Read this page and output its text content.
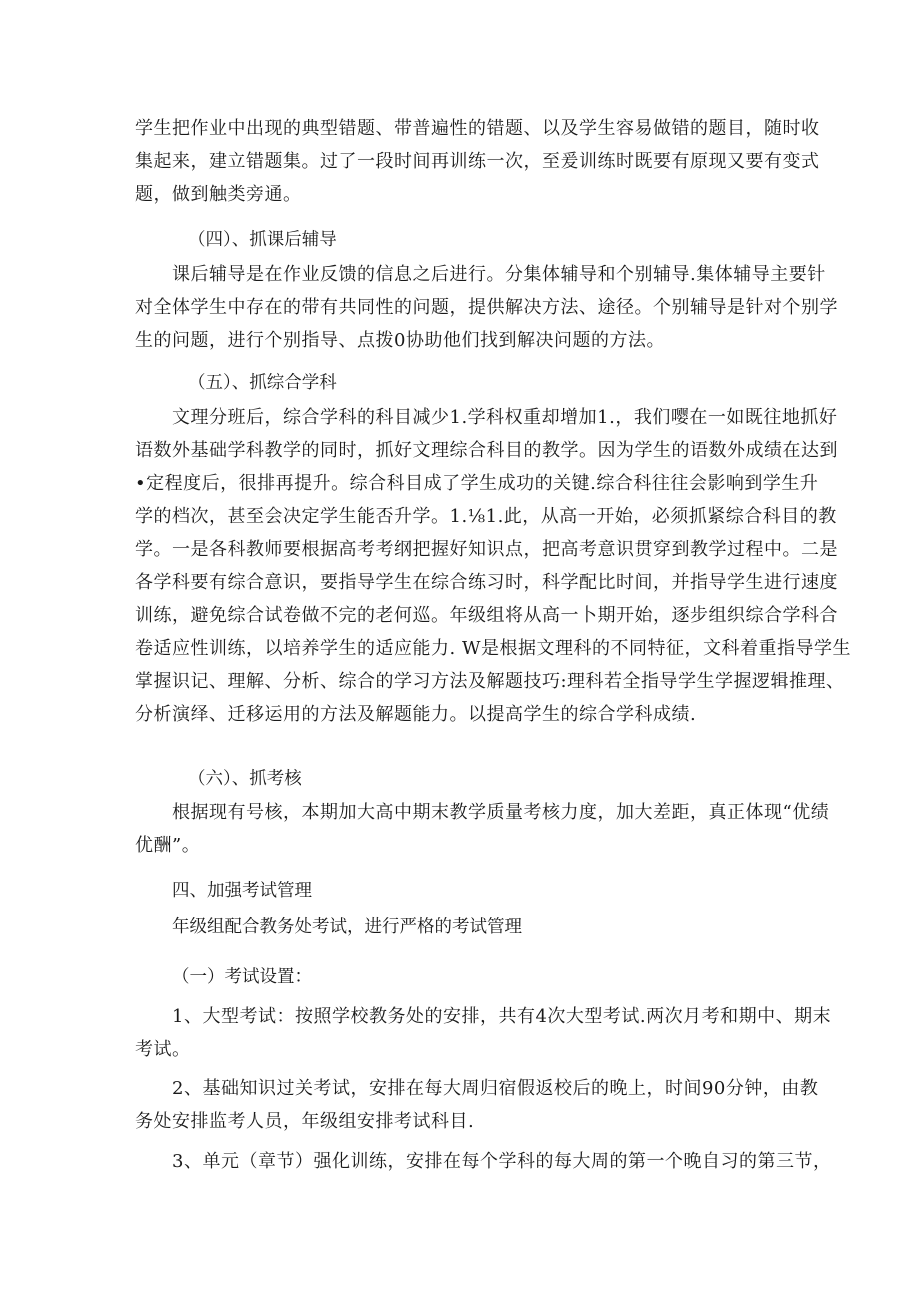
学生把作业中出现的典型错题、带普遍性的错题、以及学生容易做错的题目，随时收
集起来，建立错题集。过了一段时间再训练一次，至爰训练时既要有原现又要有变式
题，做到触类旁通。
（四）、抓课后辅导
课后辅导是在作业反馈的信息之后进行。分集体辅导和个别辅导.集体辅导主要针
对全体学生中存在的带有共同性的问题，提供解决方法、途径。个别辅导是针对个别学
生的问题，进行个别指导、点拨0协助他们找到解决问题的方法。
（五）、抓综合学科
文理分班后，综合学科的科目减少1.学科权重却增加1.，我们嘤在一如既往地抓好
语数外基础学科教学的同时，抓好文理综合科目的教学。因为学生的语数外成绩在达到
•定程度后，很排再提升。综合科目成了学生成功的关键.综合科往往会影响到学生升
学的档次，甚至会决定学生能否升学。1.⅛1.此，从高一开始，必须抓紧综合科目的教
学。一是各科教师要根据高考考纲把握好知识点，把高考意识贯穿到教学过程中。二是
各学科要有综合意识，要指导学生在综合练习时，科学配比时间，并指导学生进行速度
训练，避免综合试卷做不完的老何巡。年级组将从高一卜期开始，逐步组织综合学科合
卷适应性训练，以培养学生的适应能力. W是根据文理科的不同特征，文科着重指导学生
掌握识记、理解、分析、综合的学习方法及解题技巧:理科若全指导学生学握逻辑推理、
分析演绎、迁移运用的方法及解题能力。以提高学生的综合学科成绩.
（六）、抓考核
根据现有号核，本期加大高中期末教学质量考核力度，加大差距，真正体现“优绩
优酬”。
四、加强考试管理
年级组配合教务处考试，进行严格的考试管理
（一）考试设置：
1、大型考试：按照学校教务处的安排，共有4次大型考试.两次月考和期中、期末
考试。
2、基础知识过关考试，安排在每大周归宿假返校后的晚上，时间90分钟，由教
务处安排监考人员，年级组安排考试科目.
3、单元（章节）强化训练，安排在每个学科的每大周的第一个晚自习的第三节，
